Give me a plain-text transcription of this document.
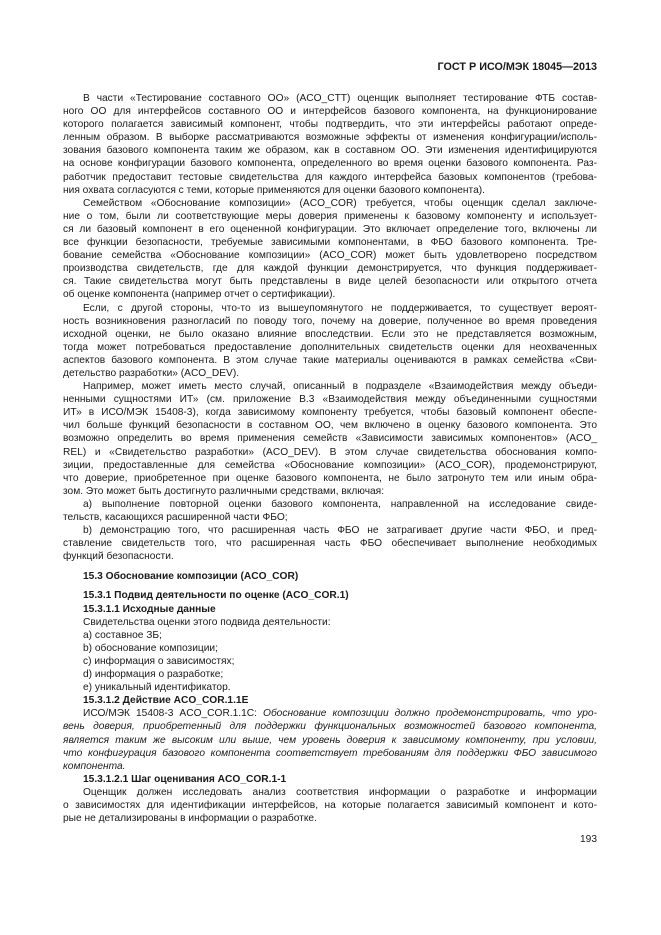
ГОСТ Р ИСО/МЭК 18045—2013
В части «Тестирование составного ОО» (ACO_CTT) оценщик выполняет тестирование ФТБ состав-
ного ОО для интерфейсов составного ОО и интерфейсов базового компонента, на функционирование
которого полагается зависимый компонент, чтобы подтвердить, что эти интерфейсы работают опреде-
ленным образом. В выборке рассматриваются возможные эффекты от изменения конфигурации/исполь-
зования базового компонента таким же образом, как в составном ОО. Эти изменения идентифицируются
на основе конфигурации базового компонента, определенного во время оценки базового компонента. Раз-
работчик предоставит тестовые свидетельства для каждого интерфейса базовых компонентов (требова-
ния охвата согласуются с теми, которые применяются для оценки базового компонента).
Семейством «Обоснование композиции» (ACO_COR) требуется, чтобы оценщик сделал заключе-
ние о том, были ли соответствующие меры доверия применены к базовому компоненту и использует-
ся ли базовый компонент в его оцененной конфигурации. Это включает определение того, включены ли
все функции безопасности, требуемые зависимыми компонентами, в ФБО базового компонента. Тре-
бование семейства «Обоснование композиции» (ACO_COR) может быть удовлетворено посредством
производства свидетельств, где для каждой функции демонстрируется, что функция поддерживает-
ся. Такие свидетельства могут быть представлены в виде целей безопасности или открытого отчета
об оценке компонента (например отчет о сертификации).
Если, с другой стороны, что-то из вышеупомянутого не поддерживается, то существует вероят-
ность возникновения разногласий по поводу того, почему на доверие, полученное во время проведения
исходной оценки, не было оказано влияние впоследствии. Если это не представляется возможным,
тогда может потребоваться предоставление дополнительных свидетельств оценки для неохваченных
аспектов базового компонента. В этом случае такие материалы оцениваются в рамках семейства «Сви-
детельство разработки» (ACO_DEV).
Например, может иметь место случай, описанный в подразделе «Взаимодействия между объеди-
ненными сущностями ИТ» (см. приложение В.3 «Взаимодействия между объединенными сущностями
ИТ» в ИСО/МЭК 15408-3), когда зависимому компоненту требуется, чтобы базовый компонент обеспе-
чил больше функций безопасности в составном ОО, чем включено в оценку базового компонента. Это
возможно определить во время применения семейств «Зависимости зависимых компонентов» (ACO_
REL) и «Свидетельство разработки» (ACO_DEV). В этом случае свидетельства обоснования компо-
зиции, предоставленные для семейства «Обоснование композиции» (ACO_COR), продемонстрируют,
что доверие, приобретенное при оценке базового компонента, не было затронуто тем или иным обра-
зом. Это может быть достигнуто различными средствами, включая:
a) выполнение повторной оценки базового компонента, направленной на исследование свиде-
тельств, касающихся расширенной части ФБО;
b) демонстрацию того, что расширенная часть ФБО не затрагивает другие части ФБО, и пред-
ставление свидетельств того, что расширенная часть ФБО обеспечивает выполнение необходимых
функций безопасности.
15.3 Обоснование композиции (ACO_COR)
15.3.1 Подвид деятельности по оценке (ACO_COR.1)
15.3.1.1 Исходные данные
Свидетельства оценки этого подвида деятельности:
a) составное ЗБ;
b) обоснование композиции;
c) информация о зависимостях;
d) информация о разработке;
e) уникальный идентификатор.
15.3.1.2 Действие ACO_COR.1.1E
ИСО/МЭК 15408-3 ACO_COR.1.1C: Обоснование композиции должно продемонстрировать, что уро-
вень доверия, приобретенный для поддержки функциональных возможностей базового компонента,
является таким же высоким или выше, чем уровень доверия к зависимому компоненту, при условии,
что конфигурация базового компонента соответствует требованиям для поддержки ФБО зависимого
компонента.
15.3.1.2.1 Шаг оценивания ACO_COR.1-1
Оценщик должен исследовать анализ соответствия информации о разработке и информации
о зависимостях для идентификации интерфейсов, на которые полагается зависимый компонент и кото-
рые не детализированы в информации о разработке.
193
